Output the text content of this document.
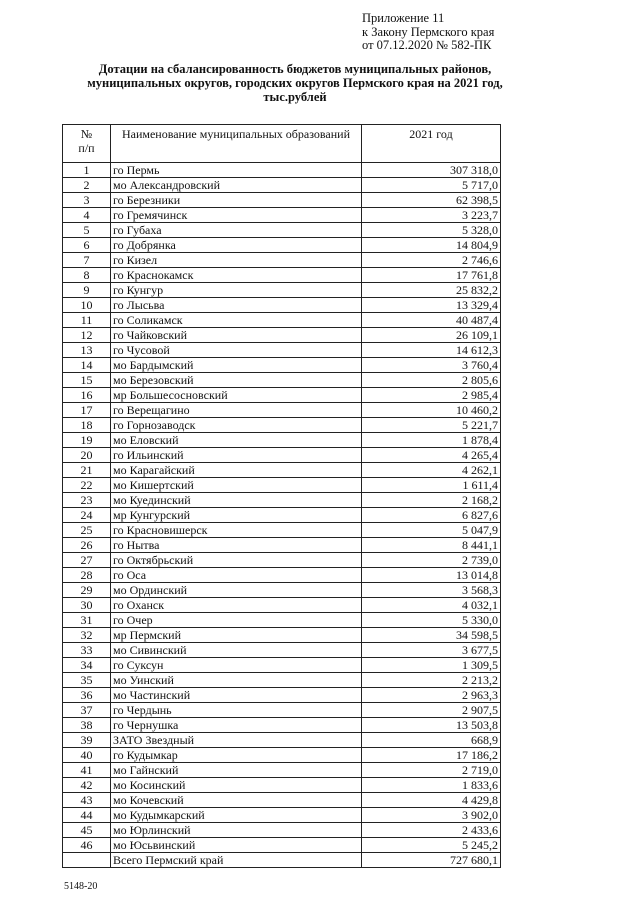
Приложение 11
к Закону Пермского края
от 07.12.2020 № 582-ПК
Дотации на сбалансированность бюджетов муниципальных районов,
муниципальных округов, городских округов Пермского края на 2021 год,
тыс.рублей
№
п/п	Наименование муниципальных образований	2021 год
1	го Пермь	307 318,0
2	мо Александровский	5 717,0
3	го Березники	62 398,5
4	го Гремячинск	3 223,7
5	го Губаха	5 328,0
6	го Добрянка	14 804,9
7	го Кизел	2 746,6
8	го Краснокамск	17 761,8
9	го Кунгур	25 832,2
10	го Лысьва	13 329,4
11	го Соликамск	40 487,4
12	го Чайковский	26 109,1
13	го Чусовой	14 612,3
14	мо Бардымский	3 760,4
15	мо Березовский	2 805,6
16	мр Большесосновский	2 985,4
17	го Верещагино	10 460,2
18	го Горнозаводск	5 221,7
19	мо Еловский	1 878,4
20	го Ильинский	4 265,4
21	мо Карагайский	4 262,1
22	мо Кишертский	1 611,4
23	мо Куединский	2 168,2
24	мр Кунгурский	6 827,6
25	го Красновишерск	5 047,9
26	го Нытва	8 441,1
27	го Октябрьский	2 739,0
28	го Оса	13 014,8
29	мо Ординский	3 568,3
30	го Оханск	4 032,1
31	го Очер	5 330,0
32	мр Пермский	34 598,5
33	мо Сивинский	3 677,5
34	го Суксун	1 309,5
35	мо Уинский	2 213,2
36	мо Частинский	2 963,3
37	го Чердынь	2 907,5
38	го Чернушка	13 503,8
39	ЗАТО Звездный	668,9
40	го Кудымкар	17 186,2
41	мо Гайнский	2 719,0
42	мо Косинский	1 833,6
43	мо Кочевский	4 429,8
44	мо Кудымкарский	3 902,0
45	мо Юрлинский	2 433,6
46	мо Юсьвинский	5 245,2
	Всего Пермский край	727 680,1
5148-20
